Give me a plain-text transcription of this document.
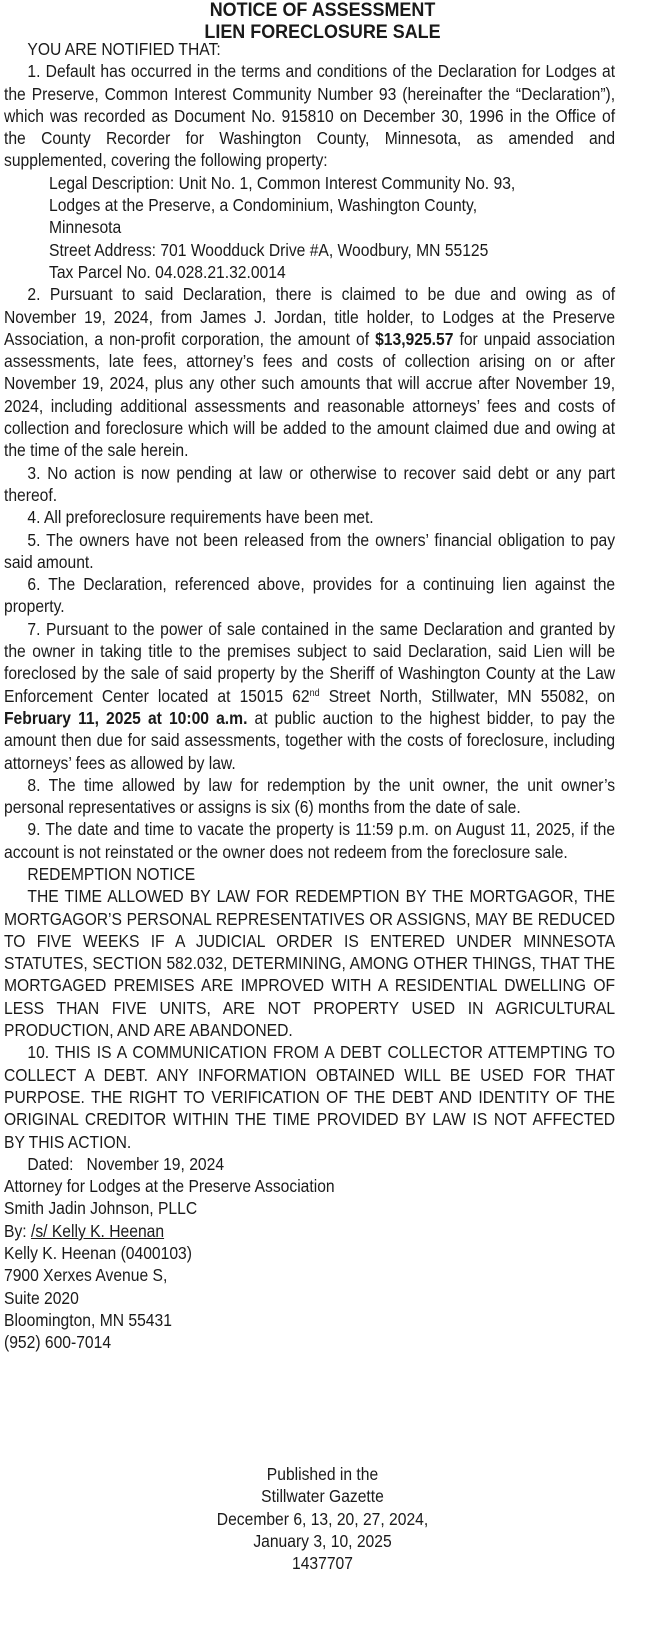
NOTICE OF ASSESSMENT
LIEN FORECLOSURE SALE

YOU ARE NOTIFIED THAT:

1. Default has occurred in the terms and conditions of the Declaration for Lodges at the Preserve, Common Interest Community Number 93 (hereinafter the “Declaration”), which was recorded as Document No. 915810 on December 30, 1996 in the Office of the County Recorder for Washington County, Minnesota, as amended and supplemented, covering the following property:

Legal Description: Unit No. 1, Common Interest Community No. 93,
Lodges at the Preserve, a Condominium, Washington County,
Minnesota
Street Address: 701 Woodduck Drive #A, Woodbury, MN 55125
Tax Parcel No. 04.028.21.32.0014

2. Pursuant to said Declaration, there is claimed to be due and owing as of November 19, 2024, from James J. Jordan, title holder, to Lodges at the Preserve Association, a non-profit corporation, the amount of $13,925.57 for unpaid association assessments, late fees, attorney’s fees and costs of collection arising on or after November 19, 2024, plus any other such amounts that will accrue after November 19, 2024, including additional assessments and reasonable attorneys’ fees and costs of collection and foreclosure which will be added to the amount claimed due and owing at the time of the sale herein.

3. No action is now pending at law or otherwise to recover said debt or any part thereof.

4. All preforeclosure requirements have been met.

5. The owners have not been released from the owners’ financial obligation to pay said amount.

6. The Declaration, referenced above, provides for a continuing lien against the property.

7. Pursuant to the power of sale contained in the same Declaration and granted by the owner in taking title to the premises subject to said Declaration, said Lien will be foreclosed by the sale of said property by the Sheriff of Washington County at the Law Enforcement Center located at 15015 62nd Street North, Stillwater, MN 55082, on February 11, 2025 at 10:00 a.m. at public auction to the highest bidder, to pay the amount then due for said assessments, together with the costs of foreclosure, including attorneys’ fees as allowed by law.

8. The time allowed by law for redemption by the unit owner, the unit owner’s personal representatives or assigns is six (6) months from the date of sale.

9. The date and time to vacate the property is 11:59 p.m. on August 11, 2025, if the account is not reinstated or the owner does not redeem from the foreclosure sale.

REDEMPTION NOTICE

THE TIME ALLOWED BY LAW FOR REDEMPTION BY THE MORTGAGOR, THE MORTGAGOR’S PERSONAL REPRESENTATIVES OR ASSIGNS, MAY BE REDUCED TO FIVE WEEKS IF A JUDICIAL ORDER IS ENTERED UNDER MINNESOTA STATUTES, SECTION 582.032, DETERMINING, AMONG OTHER THINGS, THAT THE MORTGAGED PREMISES ARE IMPROVED WITH A RESIDENTIAL DWELLING OF LESS THAN FIVE UNITS, ARE NOT PROPERTY USED IN AGRICULTURAL PRODUCTION, AND ARE ABANDONED.

10. THIS IS A COMMUNICATION FROM A DEBT COLLECTOR ATTEMPTING TO COLLECT A DEBT. ANY INFORMATION OBTAINED WILL BE USED FOR THAT PURPOSE. THE RIGHT TO VERIFICATION OF THE DEBT AND IDENTITY OF THE ORIGINAL CREDITOR WITHIN THE TIME PROVIDED BY LAW IS NOT AFFECTED BY THIS ACTION.

Dated:   November 19, 2024

Attorney for Lodges at the Preserve Association
Smith Jadin Johnson, PLLC
By: /s/ Kelly K. Heenan
Kelly K. Heenan (0400103)
7900 Xerxes Avenue S,
Suite 2020
Bloomington, MN 55431
(952) 600-7014
Published in the
Stillwater Gazette
December 6, 13, 20, 27, 2024,
January 3, 10, 2025
1437707
